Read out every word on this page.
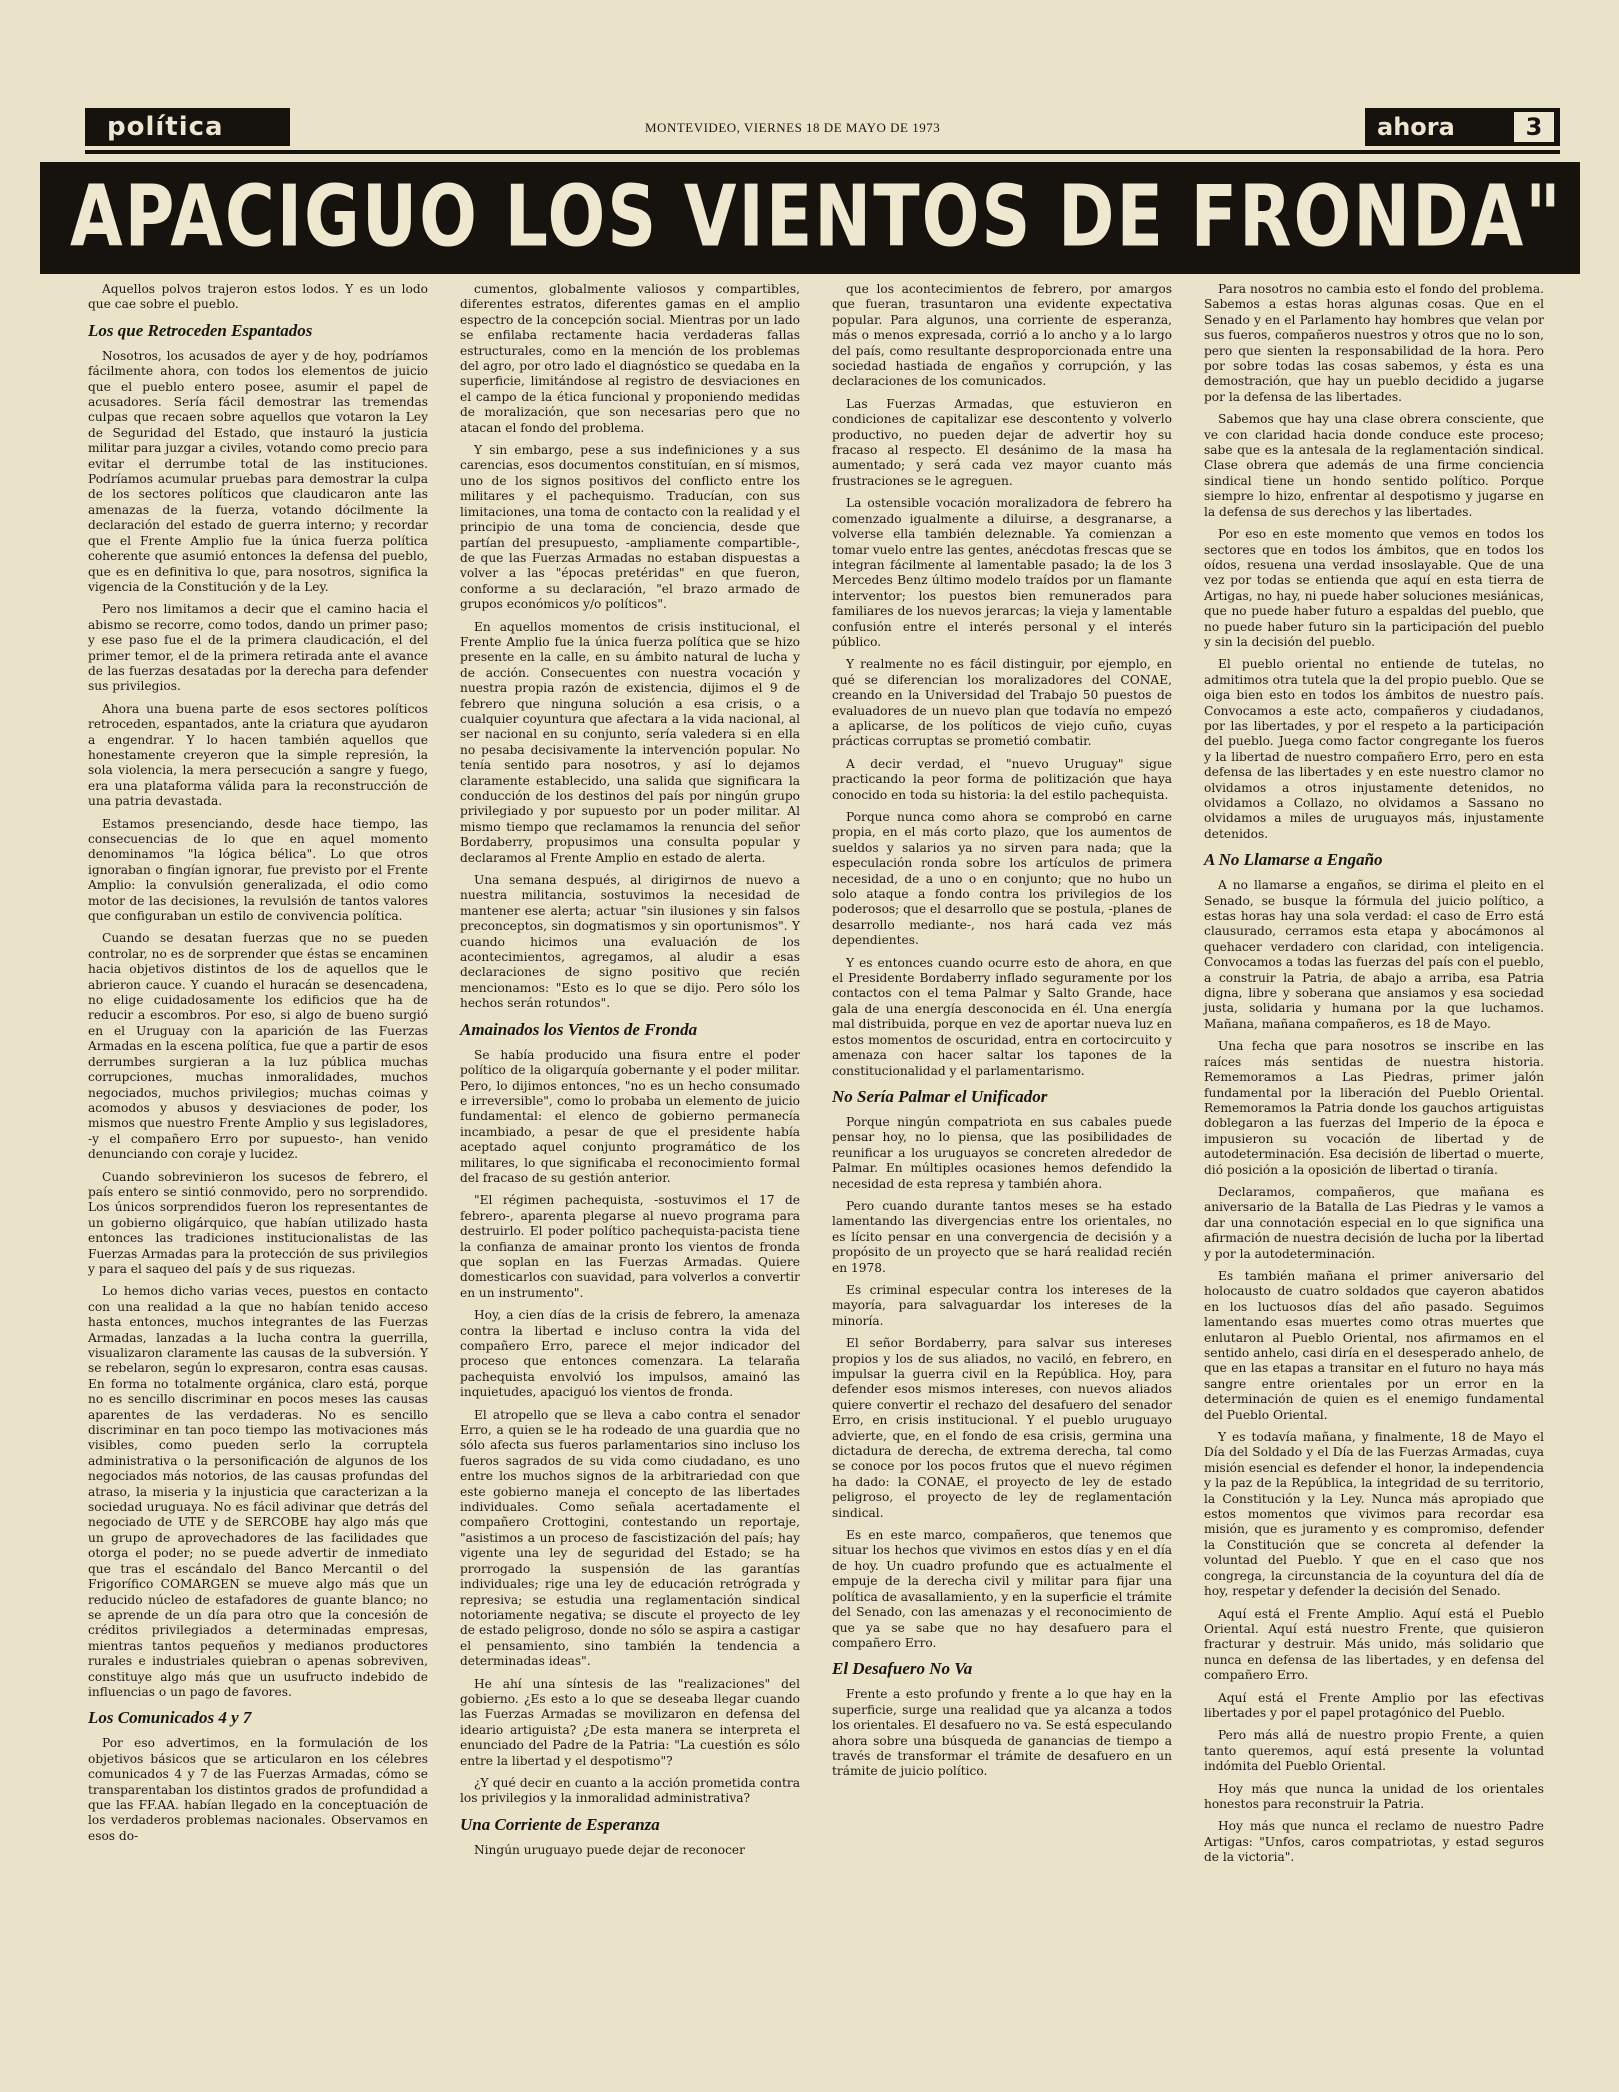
política	MONTEVIDEO, VIERNES 18 DE MAYO DE 1973	ahora	3
APACIGUO LOS VIENTOS DE FRONDA"

Aquellos polvos trajeron estos lodos. Y es un lodo que cae sobre el pueblo.

Los que Retroceden Espantados

Nosotros, los acusados de ayer y de hoy, podríamos fácilmente ahora, con todos los elementos de juicio que el pueblo entero posee, asumir el papel de acusadores. Sería fácil demostrar las tremendas culpas que recaen sobre aquellos que votaron la Ley de Seguridad del Estado, que instauró la justicia militar para juzgar a civiles, votando como precio para evitar el derrumbe total de las instituciones. Podríamos acumular pruebas para demostrar la culpa de los sectores políticos que claudicaron ante las amenazas de la fuerza, votando dócilmente la declaración del estado de guerra interno; y recordar que el Frente Amplio fue la única fuerza política coherente que asumió entonces la defensa del pueblo, que es en definitiva lo que, para nosotros, significa la vigencia de la Constitución y de la Ley.

Pero nos limitamos a decir que el camino hacia el abismo se recorre, como todos, dando un primer paso; y ese paso fue el de la primera claudicación, el del primer temor, el de la primera retirada ante el avance de las fuerzas desatadas por la derecha para defender sus privilegios.

Ahora una buena parte de esos sectores políticos retroceden, espantados, ante la criatura que ayudaron a engendrar. Y lo hacen también aquellos que honestamente creyeron que la simple represión, la sola violencia, la mera persecución a sangre y fuego, era una plataforma válida para la reconstrucción de una patria devastada.

Estamos presenciando, desde hace tiempo, las consecuencias de lo que en aquel momento denominamos "la lógica bélica". Lo que otros ignoraban o fingían ignorar, fue previsto por el Frente Amplio: la convulsión generalizada, el odio como motor de las decisiones, la revulsión de tantos valores que configuraban un estilo de convivencia política.

Cuando se desatan fuerzas que no se pueden controlar, no es de sorprender que éstas se encaminen hacia objetivos distintos de los de aquellos que le abrieron cauce. Y cuando el huracán se desencadena, no elige cuidadosamente los edificios que ha de reducir a escombros. Por eso, si algo de bueno surgió en el Uruguay con la aparición de las Fuerzas Armadas en la escena política, fue que a partir de esos derrumbes surgieran a la luz pública muchas corrupciones, muchas inmoralidades, muchos negociados, muchos privilegios; muchas coimas y acomodos y abusos y desviaciones de poder, los mismos que nuestro Frente Amplio y sus legisladores, -y el compañero Erro por supuesto-, han venido denunciando con coraje y lucidez.

Cuando sobrevinieron los sucesos de febrero, el país entero se sintió conmovido, pero no sorprendido. Los únicos sorprendidos fueron los representantes de un gobierno oligárquico, que habían utilizado hasta entonces las tradiciones institucionalistas de las Fuerzas Armadas para la protección de sus privilegios y para el saqueo del país y de sus riquezas.

Lo hemos dicho varias veces, puestos en contacto con una realidad a la que no habían tenido acceso hasta entonces, muchos integrantes de las Fuerzas Armadas, lanzadas a la lucha contra la guerrilla, visualizaron claramente las causas de la subversión. Y se rebelaron, según lo expresaron, contra esas causas. En forma no totalmente orgánica, claro está, porque no es sencillo discriminar en pocos meses las causas aparentes de las verdaderas. No es sencillo discriminar en tan poco tiempo las motivaciones más visibles, como pueden serlo la corruptela administrativa o la personificación de algunos de los negociados más notorios, de las causas profundas del atraso, la miseria y la injusticia que caracterizan a la sociedad uruguaya. No es fácil adivinar que detrás del negociado de UTE y de SERCOBE hay algo más que un grupo de aprovechadores de las facilidades que otorga el poder; no se puede advertir de inmediato que tras el escándalo del Banco Mercantil o del Frigorífico COMARGEN se mueve algo más que un reducido núcleo de estafadores de guante blanco; no se aprende de un día para otro que la concesión de créditos privilegiados a determinadas empresas, mientras tantos pequeños y medianos productores rurales e industriales quiebran o apenas sobreviven, constituye algo más que un usufructo indebido de influencias o un pago de favores.

Los Comunicados 4 y 7

Por eso advertimos, en la formulación de los objetivos básicos que se articularon en los célebres comunicados 4 y 7 de las Fuerzas Armadas, cómo se transparentaban los distintos grados de profundidad a que las FF.AA. habían llegado en la conceptuación de los verdaderos problemas nacionales. Observamos en esos do-

cumentos, globalmente valiosos y compartibles, diferentes estratos, diferentes gamas en el amplio espectro de la concepción social. Mientras por un lado se enfilaba rectamente hacia verdaderas fallas estructurales, como en la mención de los problemas del agro, por otro lado el diagnóstico se quedaba en la superficie, limitándose al registro de desviaciones en el campo de la ética funcional y proponiendo medidas de moralización, que son necesarias pero que no atacan el fondo del problema.

Y sin embargo, pese a sus indefiniciones y a sus carencias, esos documentos constituían, en sí mismos, uno de los signos positivos del conflicto entre los militares y el pachequismo. Traducían, con sus limitaciones, una toma de contacto con la realidad y el principio de una toma de conciencia, desde que partían del presupuesto, -ampliamente compartible-, de que las Fuerzas Armadas no estaban dispuestas a volver a las "épocas pretéridas" en que fueron, conforme a su declaración, "el brazo armado de grupos económicos y/o políticos".

En aquellos momentos de crisis institucional, el Frente Amplio fue la única fuerza política que se hizo presente en la calle, en su ámbito natural de lucha y de acción. Consecuentes con nuestra vocación y nuestra propia razón de existencia, dijimos el 9 de febrero que ninguna solución a esa crisis, o a cualquier coyuntura que afectara a la vida nacional, al ser nacional en su conjunto, sería valedera si en ella no pesaba decisivamente la intervención popular. No tenía sentido para nosotros, y así lo dejamos claramente establecido, una salida que significara la conducción de los destinos del país por ningún grupo privilegiado y por supuesto por un poder militar. Al mismo tiempo que reclamamos la renuncia del señor Bordaberry, propusimos una consulta popular y declaramos al Frente Amplio en estado de alerta.

Una semana después, al dirigirnos de nuevo a nuestra militancia, sostuvimos la necesidad de mantener ese alerta; actuar "sin ilusiones y sin falsos preconceptos, sin dogmatismos y sin oportunismos". Y cuando hicimos una evaluación de los acontecimientos, agregamos, al aludir a esas declaraciones de signo positivo que recién mencionamos: "Esto es lo que se dijo. Pero sólo los hechos serán rotundos".

Amainados los Vientos de Fronda

Se había producido una fisura entre el poder político de la oligarquía gobernante y el poder militar. Pero, lo dijimos entonces, "no es un hecho consumado e irreversible", como lo probaba un elemento de juicio fundamental: el elenco de gobierno permanecía incambiado, a pesar de que el presidente había aceptado aquel conjunto programático de los militares, lo que significaba el reconocimiento formal del fracaso de su gestión anterior.

"El régimen pachequista, -sostuvimos el 17 de febrero-, aparenta plegarse al nuevo programa para destruirlo. El poder político pachequista-pacista tiene la confianza de amainar pronto los vientos de fronda que soplan en las Fuerzas Armadas. Quiere domesticarlos con suavidad, para volverlos a convertir en un instrumento".

Hoy, a cien días de la crisis de febrero, la amenaza contra la libertad e incluso contra la vida del compañero Erro, parece el mejor indicador del proceso que entonces comenzara. La telaraña pachequista envolvió los impulsos, amainó las inquietudes, apaciguó los vientos de fronda.

El atropello que se lleva a cabo contra el senador Erro, a quien se le ha rodeado de una guardia que no sólo afecta sus fueros parlamentarios sino incluso los fueros sagrados de su vida como ciudadano, es uno entre los muchos signos de la arbitrariedad con que este gobierno maneja el concepto de las libertades individuales. Como señala acertadamente el compañero Crottogini, contestando un reportaje, "asistimos a un proceso de fascistización del país; hay vigente una ley de seguridad del Estado; se ha prorrogado la suspensión de las garantías individuales; rige una ley de educación retrógrada y represiva; se estudia una reglamentación sindical notoriamente negativa; se discute el proyecto de ley de estado peligroso, donde no sólo se aspira a castigar el pensamiento, sino también la tendencia a determinadas ideas".

He ahí una síntesis de las "realizaciones" del gobierno. ¿Es esto a lo que se deseaba llegar cuando las Fuerzas Armadas se movilizaron en defensa del ideario artiguista? ¿De esta manera se interpreta el enunciado del Padre de la Patria: "La cuestión es sólo entre la libertad y el despotismo"?

¿Y qué decir en cuanto a la acción prometida contra los privilegios y la inmoralidad administrativa?

Una Corriente de Esperanza

Ningún uruguayo puede dejar de reconocer

que los acontecimientos de febrero, por amargos que fueran, trasuntaron una evidente expectativa popular. Para algunos, una corriente de esperanza, más o menos expresada, corrió a lo ancho y a lo largo del país, como resultante desproporcionada entre una sociedad hastiada de engaños y corrupción, y las declaraciones de los comunicados.

Las Fuerzas Armadas, que estuvieron en condiciones de capitalizar ese descontento y volverlo productivo, no pueden dejar de advertir hoy su fracaso al respecto. El desánimo de la masa ha aumentado; y será cada vez mayor cuanto más frustraciones se le agreguen.

La ostensible vocación moralizadora de febrero ha comenzado igualmente a diluirse, a desgranarse, a volverse ella también deleznable. Ya comienzan a tomar vuelo entre las gentes, anécdotas frescas que se integran fácilmente al lamentable pasado; la de los 3 Mercedes Benz último modelo traídos por un flamante interventor; los puestos bien remunerados para familiares de los nuevos jerarcas; la vieja y lamentable confusión entre el interés personal y el interés público.

Y realmente no es fácil distinguir, por ejemplo, en qué se diferencian los moralizadores del CONAE, creando en la Universidad del Trabajo 50 puestos de evaluadores de un nuevo plan que todavía no empezó a aplicarse, de los políticos de viejo cuño, cuyas prácticas corruptas se prometió combatir.

A decir verdad, el "nuevo Uruguay" sigue practicando la peor forma de politización que haya conocido en toda su historia: la del estilo pachequista.

Porque nunca como ahora se comprobó en carne propia, en el más corto plazo, que los aumentos de sueldos y salarios ya no sirven para nada; que la especulación ronda sobre los artículos de primera necesidad, de a uno o en conjunto; que no hubo un solo ataque a fondo contra los privilegios de los poderosos; que el desarrollo que se postula, -planes de desarrollo mediante-, nos hará cada vez más dependientes.

Y es entonces cuando ocurre esto de ahora, en que el Presidente Bordaberry inflado seguramente por los contactos con el tema Palmar y Salto Grande, hace gala de una energía desconocida en él. Una energía mal distribuida, porque en vez de aportar nueva luz en estos momentos de oscuridad, entra en cortocircuito y amenaza con hacer saltar los tapones de la constitucionalidad y el parlamentarismo.

No Sería Palmar el Unificador

Porque ningún compatriota en sus cabales puede pensar hoy, no lo piensa, que las posibilidades de reunificar a los uruguayos se concreten alrededor de Palmar. En múltiples ocasiones hemos defendido la necesidad de esta represa y también ahora.

Pero cuando durante tantos meses se ha estado lamentando las divergencias entre los orientales, no es lícito pensar en una convergencia de decisión y a propósito de un proyecto que se hará realidad recién en 1978.

Es criminal especular contra los intereses de la mayoría, para salvaguardar los intereses de la minoría.

El señor Bordaberry, para salvar sus intereses propios y los de sus aliados, no vaciló, en febrero, en impulsar la guerra civil en la República. Hoy, para defender esos mismos intereses, con nuevos aliados quiere convertir el rechazo del desafuero del senador Erro, en crisis institucional. Y el pueblo uruguayo advierte, que, en el fondo de esa crisis, germina una dictadura de derecha, de extrema derecha, tal como se conoce por los pocos frutos que el nuevo régimen ha dado: la CONAE, el proyecto de ley de estado peligroso, el proyecto de ley de reglamentación sindical.

Es en este marco, compañeros, que tenemos que situar los hechos que vivimos en estos días y en el día de hoy. Un cuadro profundo que es actualmente el empuje de la derecha civil y militar para fijar una política de avasallamiento, y en la superficie el trámite del Senado, con las amenazas y el reconocimiento de que ya se sabe que no hay desafuero para el compañero Erro.

El Desafuero No Va

Frente a esto profundo y frente a lo que hay en la superficie, surge una realidad que ya alcanza a todos los orientales. El desafuero no va. Se está especulando ahora sobre una búsqueda de ganancias de tiempo a través de transformar el trámite de desafuero en un trámite de juicio político.

Para nosotros no cambia esto el fondo del problema. Sabemos a estas horas algunas cosas. Que en el Senado y en el Parlamento hay hombres que velan por sus fueros, compañeros nuestros y otros que no lo son, pero que sienten la responsabilidad de la hora. Pero por sobre todas las cosas sabemos, y ésta es una demostración, que hay un pueblo decidido a jugarse por la defensa de las libertades.

Sabemos que hay una clase obrera consciente, que ve con claridad hacia donde conduce este proceso; sabe que es la antesala de la reglamentación sindical. Clase obrera que además de una firme conciencia sindical tiene un hondo sentido político. Porque siempre lo hizo, enfrentar al despotismo y jugarse en la defensa de sus derechos y las libertades.

Por eso en este momento que vemos en todos los sectores que en todos los ámbitos, que en todos los oídos, resuena una verdad insoslayable. Que de una vez por todas se entienda que aquí en esta tierra de Artigas, no hay, ni puede haber soluciones mesiánicas, que no puede haber futuro a espaldas del pueblo, que no puede haber futuro sin la participación del pueblo y sin la decisión del pueblo.

El pueblo oriental no entiende de tutelas, no admitimos otra tutela que la del propio pueblo. Que se oiga bien esto en todos los ámbitos de nuestro país. Convocamos a este acto, compañeros y ciudadanos, por las libertades, y por el respeto a la participación del pueblo. Juega como factor congregante los fueros y la libertad de nuestro compañero Erro, pero en esta defensa de las libertades y en este nuestro clamor no olvidamos a otros injustamente detenidos, no olvidamos a Collazo, no olvidamos a Sassano no olvidamos a miles de uruguayos más, injustamente detenidos.

A No Llamarse a Engaño

A no llamarse a engaños, se dirima el pleito en el Senado, se busque la fórmula del juicio político, a estas horas hay una sola verdad: el caso de Erro está clausurado, cerramos esta etapa y abocámonos al quehacer verdadero con claridad, con inteligencia. Convocamos a todas las fuerzas del país con el pueblo, a construir la Patria, de abajo a arriba, esa Patria digna, libre y soberana que ansiamos y esa sociedad justa, solidaria y humana por la que luchamos. Mañana, mañana compañeros, es 18 de Mayo.

Una fecha que para nosotros se inscribe en las raíces más sentidas de nuestra historia. Rememoramos a Las Piedras, primer jalón fundamental por la liberación del Pueblo Oriental. Rememoramos la Patria donde los gauchos artiguistas doblegaron a las fuerzas del Imperio de la época e impusieron su vocación de libertad y de autodeterminación. Esa decisión de libertad o muerte, dió posición a la oposición de libertad o tiranía.

Declaramos, compañeros, que mañana es aniversario de la Batalla de Las Piedras y le vamos a dar una connotación especial en lo que significa una afirmación de nuestra decisión de lucha por la libertad y por la autodeterminación.

Es también mañana el primer aniversario del holocausto de cuatro soldados que cayeron abatidos en los luctuosos días del año pasado. Seguimos lamentando esas muertes como otras muertes que enlutaron al Pueblo Oriental, nos afirmamos en el sentido anhelo, casi diría en el desesperado anhelo, de que en las etapas a transitar en el futuro no haya más sangre entre orientales por un error en la determinación de quien es el enemigo fundamental del Pueblo Oriental.

Y es todavía mañana, y finalmente, 18 de Mayo el Día del Soldado y el Día de las Fuerzas Armadas, cuya misión esencial es defender el honor, la independencia y la paz de la República, la integridad de su territorio, la Constitución y la Ley. Nunca más apropiado que estos momentos que vivimos para recordar esa misión, que es juramento y es compromiso, defender la Constitución que se concreta al defender la voluntad del Pueblo. Y que en el caso que nos congrega, la circunstancia de la coyuntura del día de hoy, respetar y defender la decisión del Senado.

Aquí está el Frente Amplio. Aquí está el Pueblo Oriental. Aquí está nuestro Frente, que quisieron fracturar y destruir. Más unido, más solidario que nunca en defensa de las libertades, y en defensa del compañero Erro.

Aquí está el Frente Amplio por las efectivas libertades y por el papel protagónico del Pueblo.

Pero más allá de nuestro propio Frente, a quien tanto queremos, aquí está presente la voluntad indómita del Pueblo Oriental.

Hoy más que nunca la unidad de los orientales honestos para reconstruir la Patria.

Hoy más que nunca el reclamo de nuestro Padre Artigas: "Unfos, caros compatriotas, y estad seguros de la victoria".
